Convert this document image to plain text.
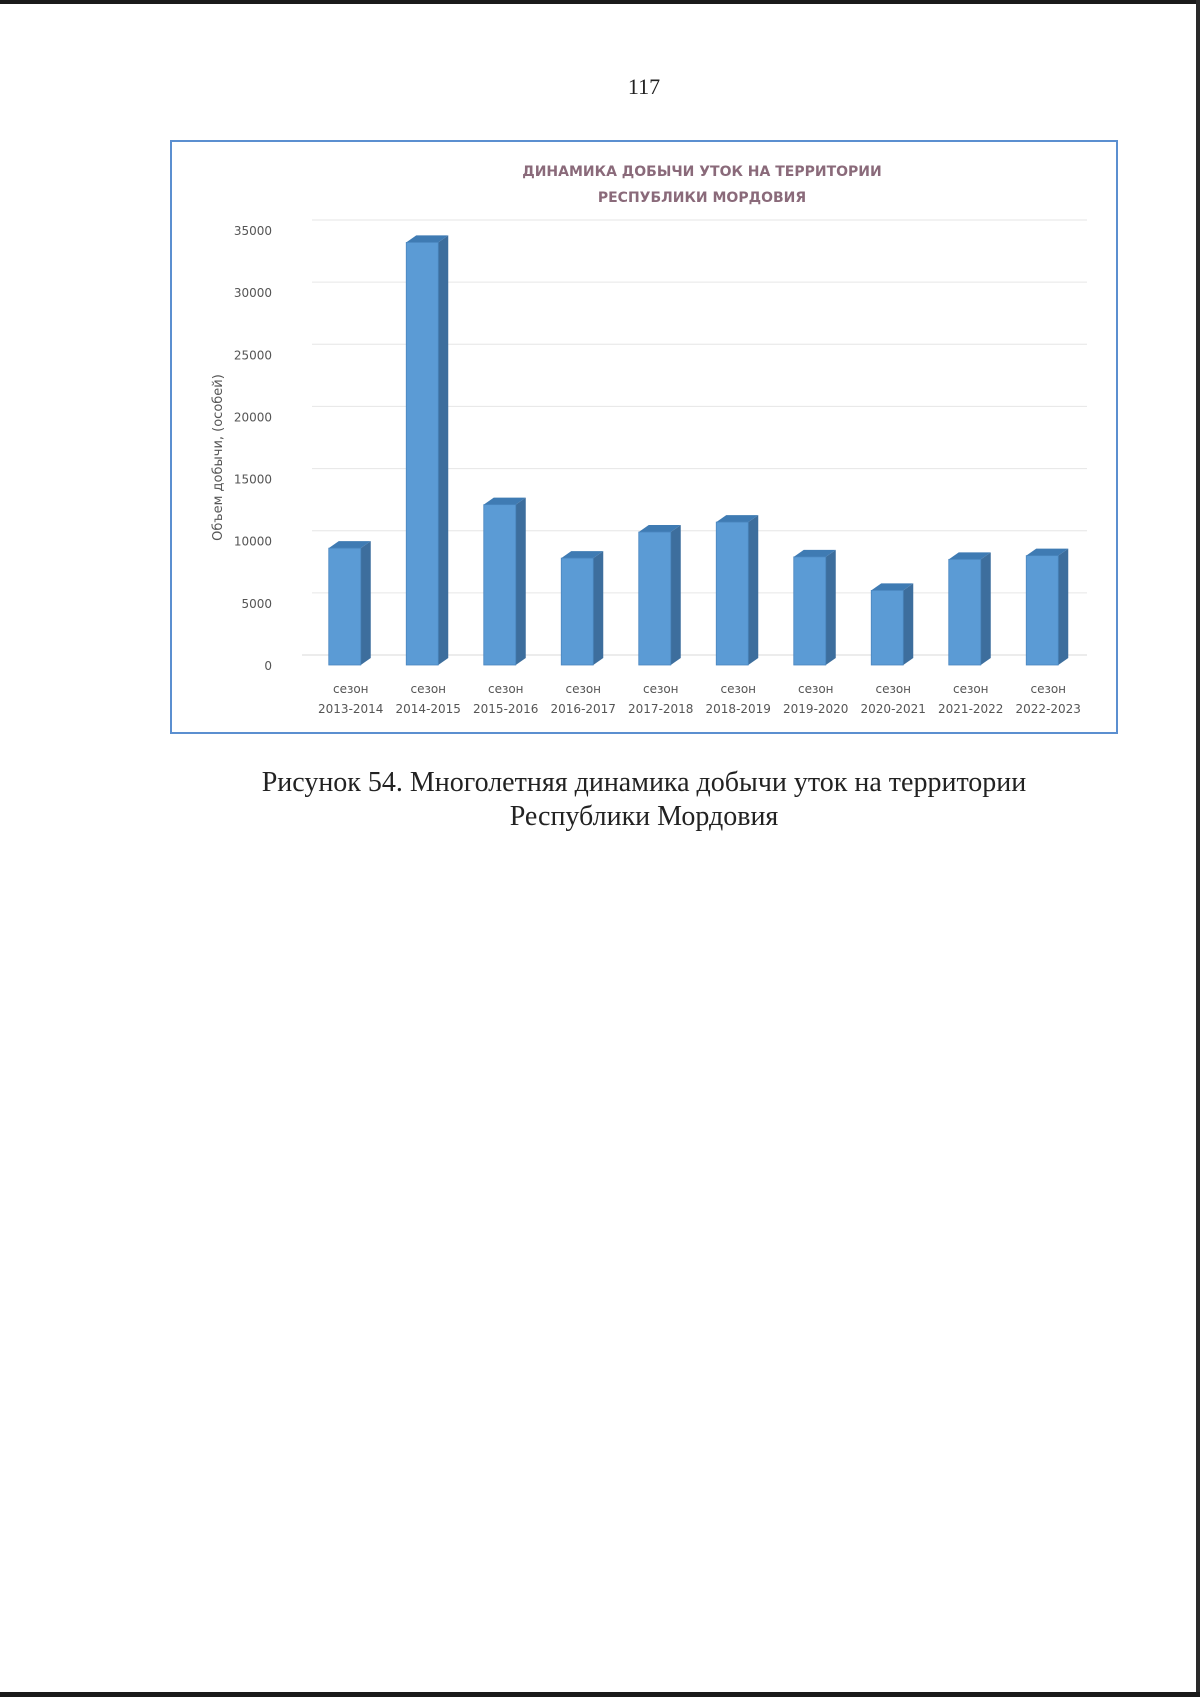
117
ДИНАМИКА ДОБЫЧИ УТОК НА ТЕРРИТОРИИ
РЕСПУБЛИКИ МОРДОВИЯ
0
5000
10000
15000
20000
25000
30000
35000
Объем добычи, (особей)
сезон
2013-2014
сезон
2014-2015
сезон
2015-2016
сезон
2016-2017
сезон
2017-2018
сезон
2018-2019
сезон
2019-2020
сезон
2020-2021
сезон
2021-2022
сезон
2022-2023
Рисунок 54. Многолетняя динамика добычи уток на территории
Республики Мордовия
